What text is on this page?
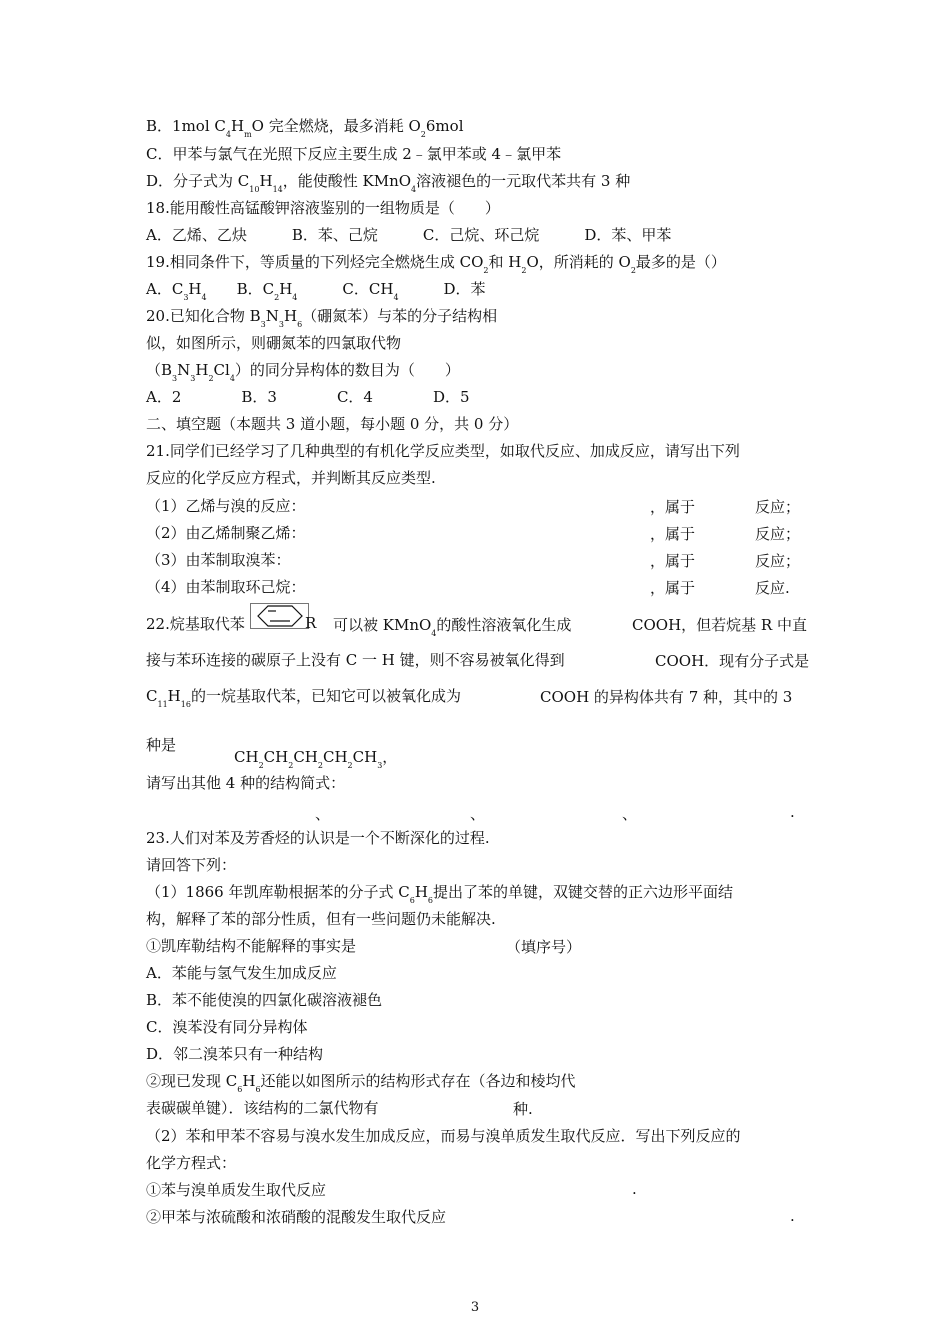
B．1mol $C_4H_mO$ 完全燃烧，最多消耗 $O_26mol$
C．甲苯与氯气在光照下反应主要生成 2﹣氯甲苯或 4﹣氯甲苯
D．分子式为 $C_{10}H_{14}$，能使酸性 KMnO$_4$溶液褪色的一元取代苯共有 3 种
18.能用酸性高锰酸钾溶液鉴别的一组物质是（　　）
A．乙烯、乙炔　　　B．苯、己烷　　　C．己烷、环己烷　　　D．苯、甲苯
19.相同条件下，等质量的下列烃完全燃烧生成 $CO_2$和 $H_2O$，所消耗的 $O_2$最多的是（）
A．$C_3H_4$　　B．$C_2H_4$　　　C．$CH_4$　　　D．苯
20.已知化合物 $B_3N_3H_6$（硼氮苯）与苯的分子结构相
似，如图所示，则硼氮苯的四氯取代物
$(B_3N_3H_2Cl_4)$的同分异构体的数目为（　　）
A．2　　　　B．3　　　　C．4　　　　D．5
二、填空题（本题共 3 道小题，每小题 0 分，共 0 分）
21.同学们已经学习了几种典型的有机化学反应类型，如取代反应、加成反应，请写出下列
反应的化学反应方程式，并判断其反应类型.
（1）乙烯与溴的反应：	，属于	反应；
（2）由乙烯制聚乙烯：	，属于	反应；
（3）由苯制取溴苯：	，属于	反应；
（4）由苯制取环己烷：	，属于	反应.
22.烷基取代苯	R 可以被 KMnO$_4$的酸性溶液氧化生成	COOH，但若烷基 R 中直
接与苯环连接的碳原子上没有 C 一 H 键，则不容易被氧化得到	COOH．现有分子式是
$C_{11}H_{16}$的一烷基取代苯，已知它可以被氧化成为	COOH 的异构体共有 7 种，其中的 3
种是
$CH_2CH_2CH_2CH_2CH_3$，
请写出其他 4 种的结构简式：
、	、	、	.
23.人们对苯及芳香烃的认识是一个不断深化的过程.
请回答下列：
（1）1866 年凯库勒根据苯的分子式 $C_6H_6$提出了苯的单键，双键交替的正六边形平面结
构，解释了苯的部分性质，但有一些问题仍未能解决.
①凯库勒结构不能解释的事实是	（填序号）
A．苯能与氢气发生加成反应
B．苯不能使溴的四氯化碳溶液褪色
C．溴苯没有同分异构体
D．邻二溴苯只有一种结构
②现已发现 $C_6H_6$还能以如图所示的结构形式存在（各边和棱均代
表碳碳单键）．该结构的二氯代物有	种.
（2）苯和甲苯不容易与溴水发生加成反应，而易与溴单质发生取代反应．写出下列反应的
化学方程式：
①苯与溴单质发生取代反应	.
②甲苯与浓硫酸和浓硝酸的混酸发生取代反应	.
3
